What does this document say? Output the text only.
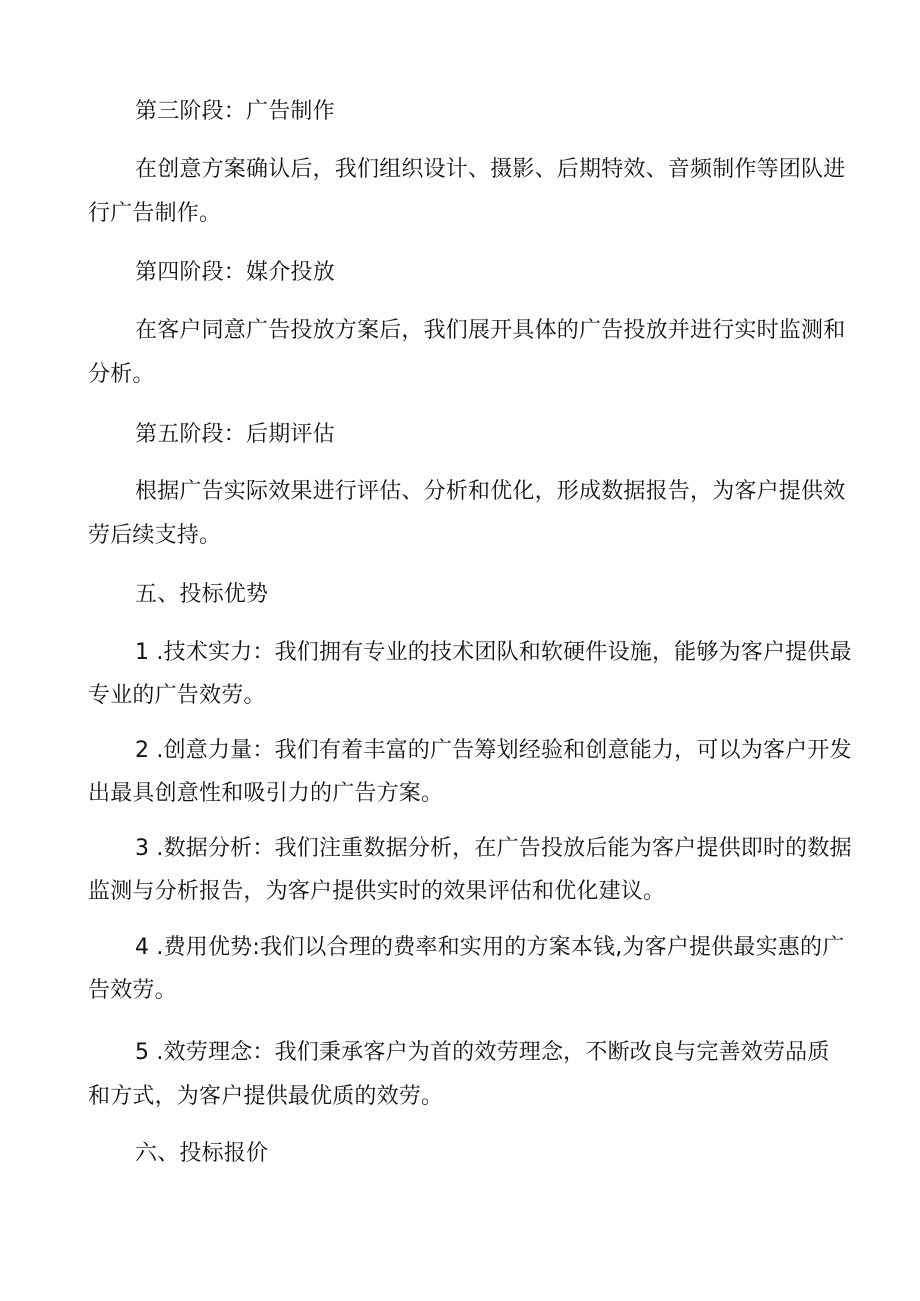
第三阶段：广告制作
在创意方案确认后，我们组织设计、摄影、后期特效、音频制作等团队进
行广告制作。
第四阶段：媒介投放
在客户同意广告投放方案后，我们展开具体的广告投放并进行实时监测和
分析。
第五阶段：后期评估
根据广告实际效果进行评估、分析和优化，形成数据报告，为客户提供效
劳后续支持。
五、投标优势
1 .技术实力：我们拥有专业的技术团队和软硬件设施，能够为客户提供最
专业的广告效劳。
2 .创意力量：我们有着丰富的广告筹划经验和创意能力，可以为客户开发
出最具创意性和吸引力的广告方案。
3 .数据分析：我们注重数据分析，在广告投放后能为客户提供即时的数据
监测与分析报告，为客户提供实时的效果评估和优化建议。
4 .费用优势:我们以合理的费率和实用的方案本钱,为客户提供最实惠的广
告效劳。
5 .效劳理念：我们秉承客户为首的效劳理念，不断改良与完善效劳品质
和方式，为客户提供最优质的效劳。
六、投标报价
